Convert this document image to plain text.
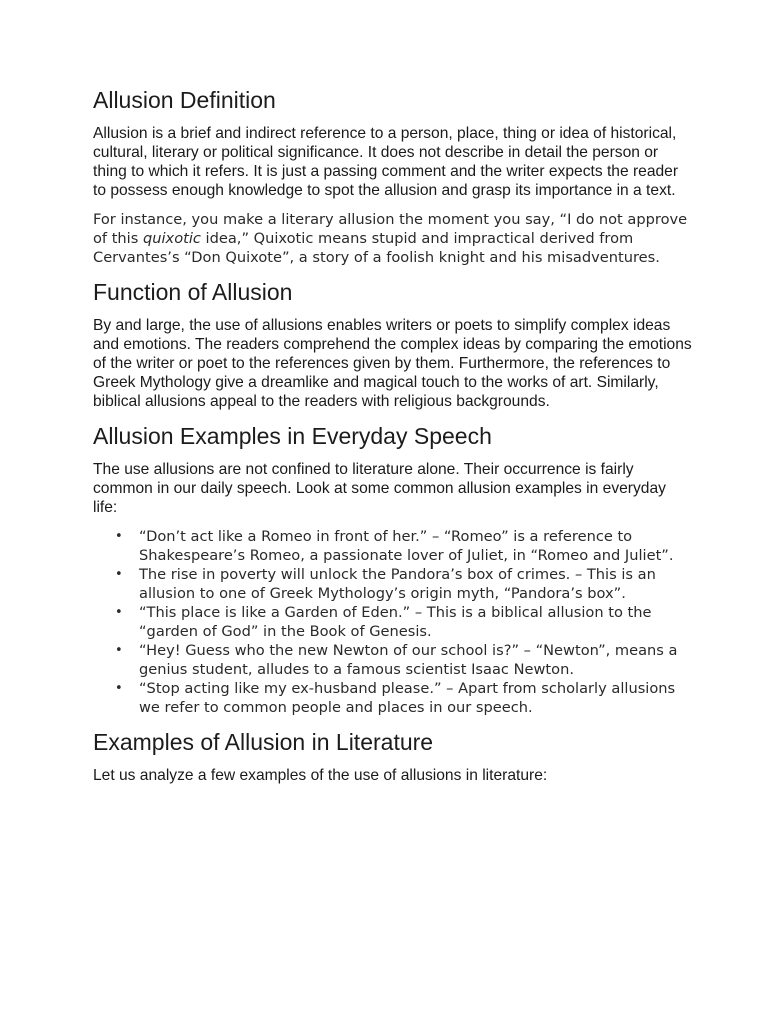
Allusion Definition

Allusion is a brief and indirect reference to a person, place, thing or idea of historical, cultural, literary or political significance. It does not describe in detail the person or thing to which it refers. It is just a passing comment and the writer expects the reader to possess enough knowledge to spot the allusion and grasp its importance in a text.

For instance, you make a literary allusion the moment you say, “I do not approve of this quixotic idea,” Quixotic means stupid and impractical derived from Cervantes’s “Don Quixote”, a story of a foolish knight and his misadventures.

Function of Allusion

By and large, the use of allusions enables writers or poets to simplify complex ideas and emotions. The readers comprehend the complex ideas by comparing the emotions of the writer or poet to the references given by them. Furthermore, the references to Greek Mythology give a dreamlike and magical touch to the works of art. Similarly, biblical allusions appeal to the readers with religious backgrounds.

Allusion Examples in Everyday Speech

The use allusions are not confined to literature alone. Their occurrence is fairly common in our daily speech. Look at some common allusion examples in everyday life:

• “Don’t act like a Romeo in front of her.” – “Romeo” is a reference to Shakespeare’s Romeo, a passionate lover of Juliet, in “Romeo and Juliet”.
• The rise in poverty will unlock the Pandora’s box of crimes. – This is an allusion to one of Greek Mythology’s origin myth, “Pandora’s box”.
• “This place is like a Garden of Eden.” – This is a biblical allusion to the “garden of God” in the Book of Genesis.
• “Hey! Guess who the new Newton of our school is?” – “Newton”, means a genius student, alludes to a famous scientist Isaac Newton.
• “Stop acting like my ex-husband please.” – Apart from scholarly allusions we refer to common people and places in our speech.
Examples of Allusion in Literature

Let us analyze a few examples of the use of allusions in literature:
